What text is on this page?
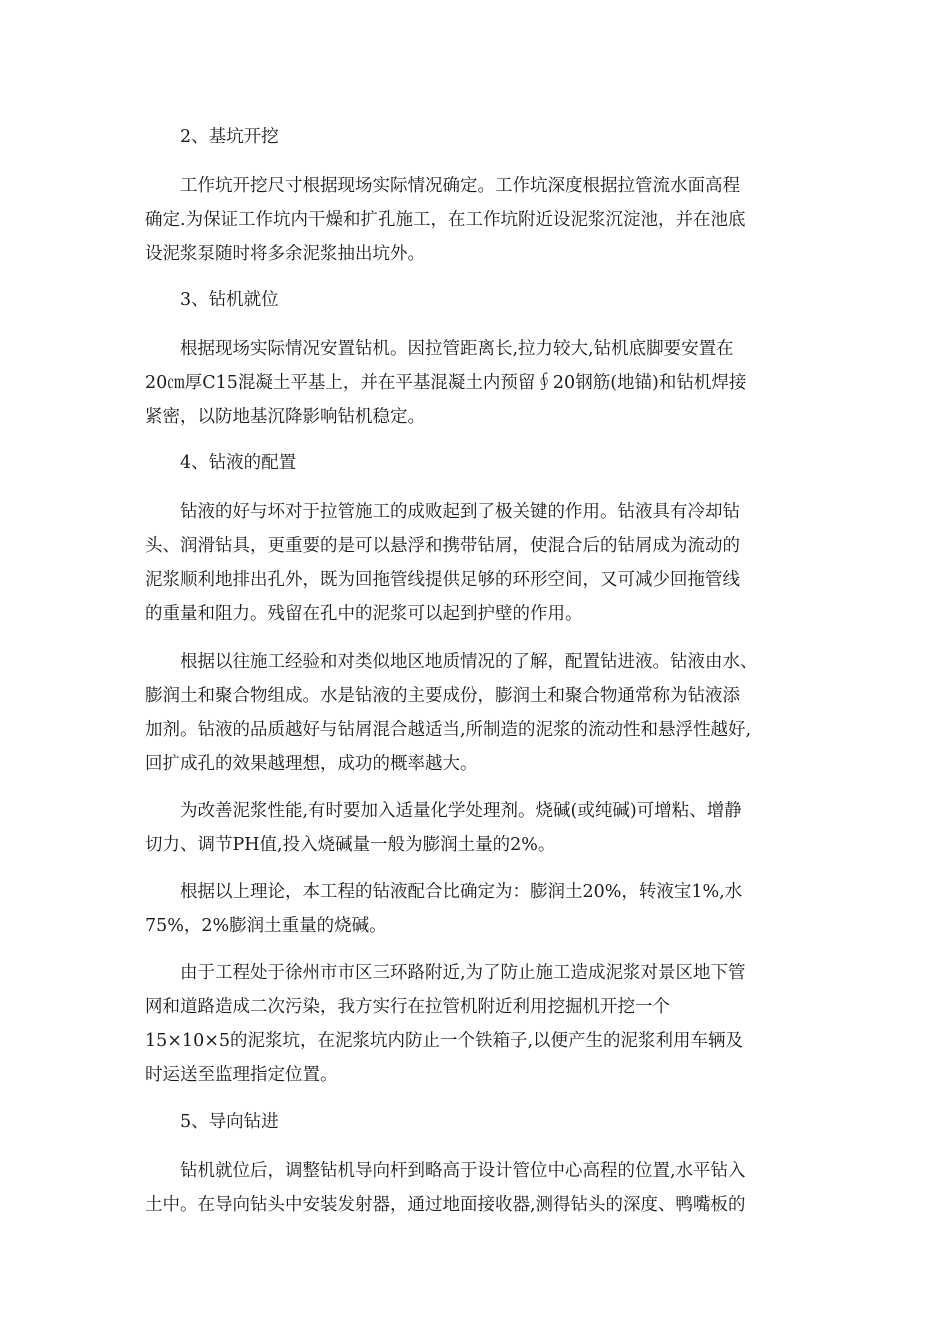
2、基坑开挖
工作坑开挖尺寸根据现场实际情况确定。工作坑深度根据拉管流水面高程
确定.为保证工作坑内干燥和扩孔施工，在工作坑附近设泥浆沉淀池，并在池底
设泥浆泵随时将多余泥浆抽出坑外。
3、钻机就位
根据现场实际情况安置钻机。因拉管距离长,拉力较大,钻机底脚要安置在
20㎝厚C15混凝土平基上，并在平基混凝土内预留∮20钢筋(地锚)和钻机焊接
紧密，以防地基沉降影响钻机稳定。
4、钻液的配置
钻液的好与坏对于拉管施工的成败起到了极关键的作用。钻液具有冷却钻
头、润滑钻具，更重要的是可以悬浮和携带钻屑，使混合后的钻屑成为流动的
泥浆顺利地排出孔外，既为回拖管线提供足够的环形空间，又可减少回拖管线
的重量和阻力。残留在孔中的泥浆可以起到护壁的作用。
根据以往施工经验和对类似地区地质情况的了解，配置钻进液。钻液由水、
膨润土和聚合物组成。水是钻液的主要成份，膨润土和聚合物通常称为钻液添
加剂。钻液的品质越好与钻屑混合越适当,所制造的泥浆的流动性和悬浮性越好,
回扩成孔的效果越理想，成功的概率越大。
为改善泥浆性能,有时要加入适量化学处理剂。烧碱(或纯碱)可增粘、增静
切力、调节PH值,投入烧碱量一般为膨润土量的2%。
根据以上理论，本工程的钻液配合比确定为：膨润土20%，转液宝1%,水
75%，2%膨润土重量的烧碱。
由于工程处于徐州市市区三环路附近,为了防止施工造成泥浆对景区地下管
网和道路造成二次污染，我方实行在拉管机附近利用挖掘机开挖一个
15×10×5的泥浆坑，在泥浆坑内防止一个铁箱子,以便产生的泥浆利用车辆及
时运送至监理指定位置。
5、导向钻进
钻机就位后，调整钻机导向杆到略高于设计管位中心高程的位置,水平钻入
土中。在导向钻头中安装发射器，通过地面接收器,测得钻头的深度、鸭嘴板的
